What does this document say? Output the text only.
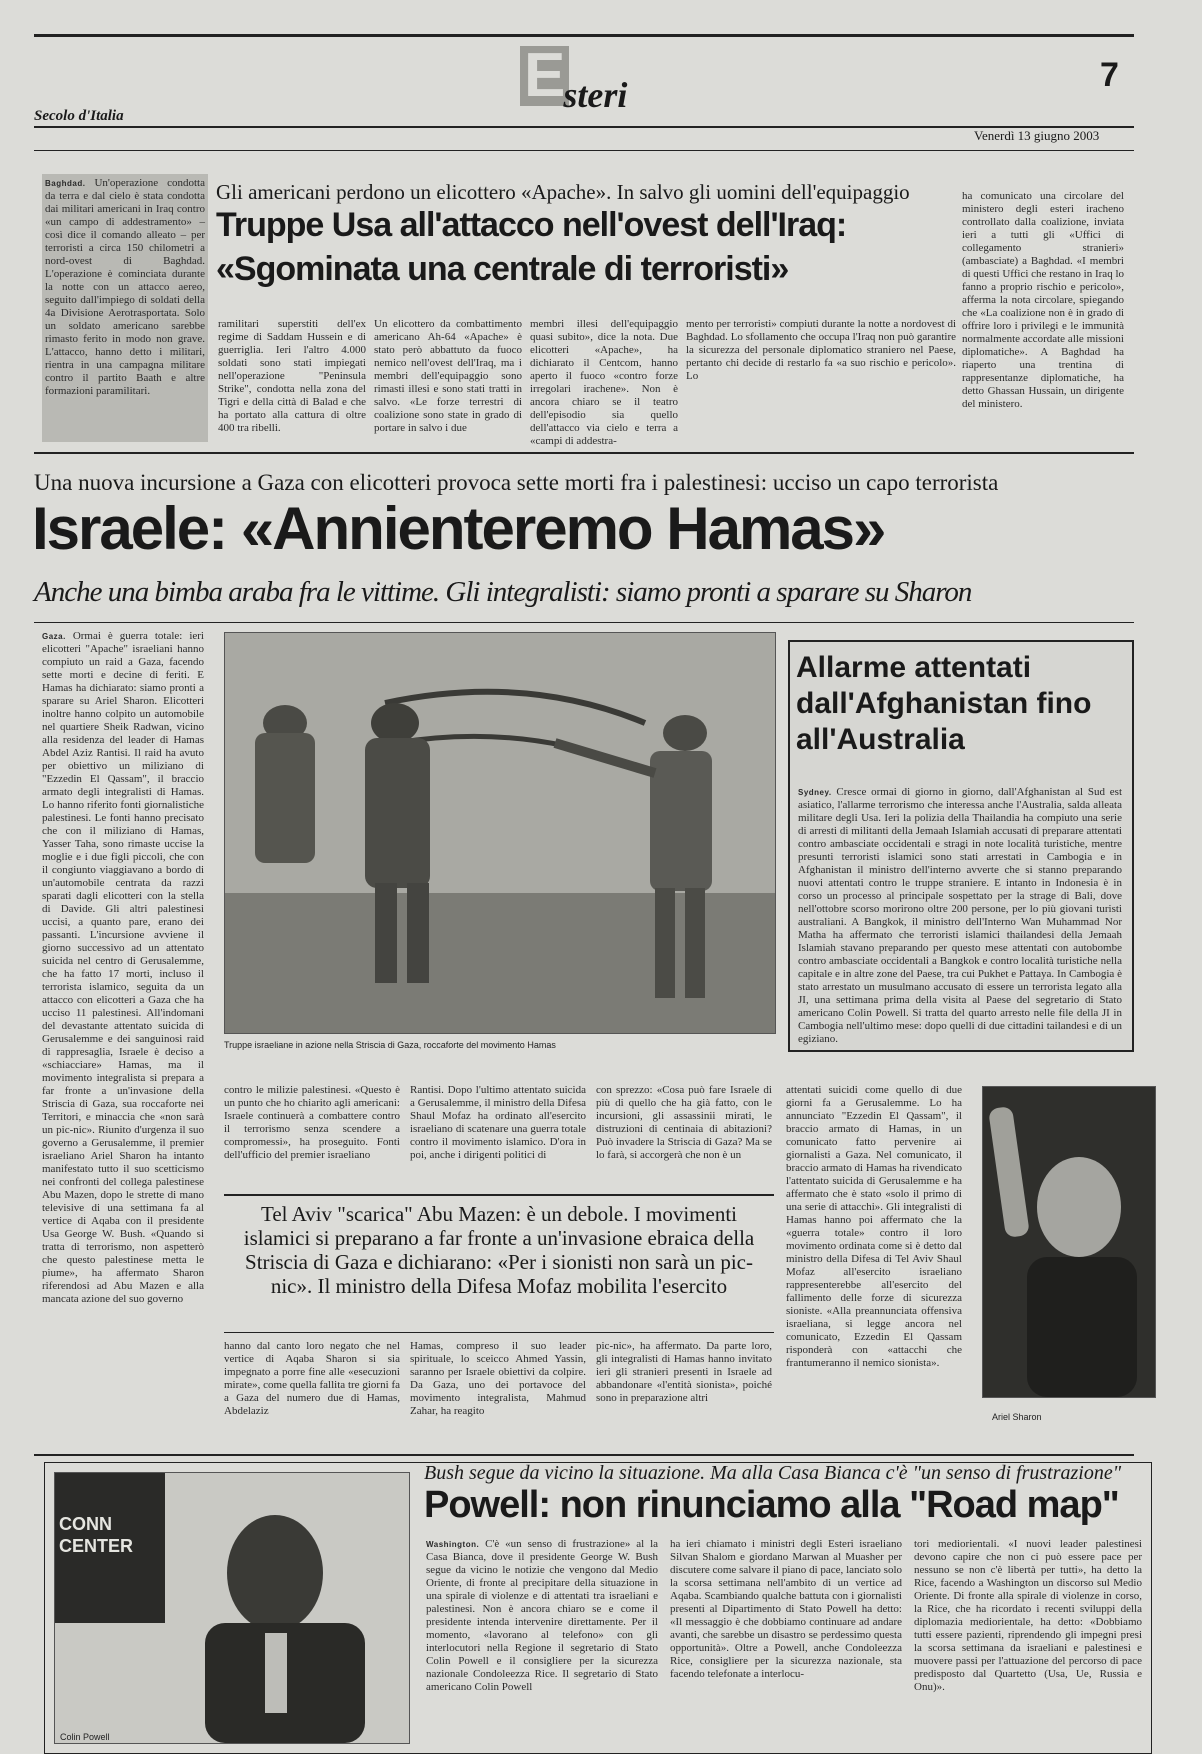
Secolo d'Italia
Esteri	7
Venerdì 13 giugno 2003
Baghdad. Un'operazione condotta da terra e dal cielo è stata condotta dai militari americani in Iraq contro «un campo di addestramento» – così dice il comando alleato – per terroristi a circa 150 chilometri a nord-ovest di Baghdad. L'operazione è cominciata durante la notte con un attacco aereo, seguito dall'impiego di soldati della 4a Divisione Aerotrasportata. Solo un soldato americano sarebbe rimasto ferito in modo non grave. L'attacco, hanno detto i militari, rientra in una campagna militare contro il partito Baath e altre formazioni paramilitari.
Gli americani perdono un elicottero «Apache». In salvo gli uomini dell'equipaggio
Truppe Usa all'attacco nell'ovest dell'Iraq:
«Sgominata una centrale di terroristi»
ramilitari superstiti dell'ex regime di Saddam Hussein e di guerriglia. Ieri l'altro 4.000 soldati sono stati impiegati nell'operazione "Peninsula Strike", condotta nella zona del Tigri e della città di Balad e che ha portato alla cattura di oltre 400 tra ribelli.
Un elicottero da combattimento americano Ah-64 «Apache» è stato però abbattuto da fuoco nemico nell'ovest dell'Iraq, ma i membri dell'equipaggio sono rimasti illesi e sono stati tratti in salvo. «Le forze terrestri di coalizione sono state in grado di portare in salvo i due
membri illesi dell'equipaggio quasi subito», dice la nota. Due elicotteri «Apache», ha dichiarato il Centcom, hanno aperto il fuoco «contro forze irregolari irachene». Non è ancora chiaro se il teatro dell'episodio sia quello dell'attacco via cielo e terra a «campi di addestra-
mento per terroristi» compiuti durante la notte a nordovest di Baghdad. Lo sfollamento che occupa l'Iraq non può garantire la sicurezza del personale diplomatico straniero nel Paese, pertanto chi decide di restarlo fa «a suo rischio e pericolo». Lo
ha comunicato una circolare del ministero degli esteri iracheno controllato dalla coalizione, inviata ieri a tutti gli «Uffici di collegamento stranieri» (ambasciate) a Baghdad. «I membri di questi Uffici che restano in Iraq lo fanno a proprio rischio e pericolo», afferma la nota circolare, spiegando che «La coalizione non è in grado di offrire loro i privilegi e le immunità normalmente accordate alle missioni diplomatiche». A Baghdad ha riaperto una trentina di rappresentanze diplomatiche, ha detto Ghassan Hussain, un dirigente del ministero.
Una nuova incursione a Gaza con elicotteri provoca sette morti fra i palestinesi: ucciso un capo terrorista
Israele: «Annienteremo Hamas»
Anche una bimba araba fra le vittime. Gli integralisti: siamo pronti a sparare su Sharon
Gaza. Ormai è guerra totale: ieri elicotteri "Apache" israeliani hanno compiuto un raid a Gaza, facendo sette morti e decine di feriti. E Hamas ha dichiarato: siamo pronti a sparare su Ariel Sharon. Elicotteri inoltre hanno colpito un automobile nel quartiere Sheik Radwan, vicino alla residenza del leader di Hamas Abdel Aziz Rantisi. Il raid ha avuto per obiettivo un miliziano di "Ezzedin El Qassam", il braccio armato degli integralisti di Hamas. Lo hanno riferito fonti giornalistiche palestinesi. Le fonti hanno precisato che con il miliziano di Hamas, Yasser Taha, sono rimaste uccise la moglie e i due figli piccoli, che con il congiunto viaggiavano a bordo di un'automobile centrata da razzi sparati dagli elicotteri con la stella di Davide. Gli altri palestinesi uccisi, a quanto pare, erano dei passanti. L'incursione avviene il giorno successivo ad un attentato suicida nel centro di Gerusalemme, che ha fatto 17 morti, incluso il terrorista islamico, seguita da un attacco con elicotteri a Gaza che ha ucciso 11 palestinesi. All'indomani del devastante attentato suicida di Gerusalemme e dei sanguinosi raid di rappresaglia, Israele è deciso a «schiacciare» Hamas, ma il movimento integralista si prepara a far fronte a un'invasione della Striscia di Gaza, sua roccaforte nei Territori, e minaccia che «non sarà un pic-nic». Riunito d'urgenza il suo governo a Gerusalemme, il premier israeliano Ariel Sharon ha intanto manifestato tutto il suo scetticismo nei confronti del collega palestinese Abu Mazen, dopo le strette di mano televisive di una settimana fa al vertice di Aqaba con il presidente Usa George W. Bush. «Quando si tratta di terrorismo, non aspetterò che questo palestinese metta le piume», ha affermato Sharon riferendosi ad Abu Mazen e alla mancata azione del suo governo
Truppe israeliane in azione nella Striscia di Gaza, roccaforte del movimento Hamas
Allarme attentati dall'Afghanistan fino all'Australia
Sydney. Cresce ormai di giorno in giorno, dall'Afghanistan al Sud est asiatico, l'allarme terrorismo che interessa anche l'Australia, salda alleata militare degli Usa. Ieri la polizia della Thailandia ha compiuto una serie di arresti di militanti della Jemaah Islamiah accusati di preparare attentati contro ambasciate occidentali e stragi in note località turistiche, mentre presunti terroristi islamici sono stati arrestati in Cambogia e in Afghanistan il ministro dell'interno avverte che si stanno preparando nuovi attentati contro le truppe straniere. E intanto in Indonesia è in corso un processo al principale sospettato per la strage di Bali, dove nell'ottobre scorso morirono oltre 200 persone, per lo più giovani turisti australiani. A Bangkok, il ministro dell'Interno Wan Muhammad Nor Matha ha affermato che terroristi islamici thailandesi della Jemaah Islamiah stavano preparando per questo mese attentati con autobombe contro ambasciate occidentali a Bangkok e contro località turistiche nella capitale e in altre zone del Paese, tra cui Pukhet e Pattaya. In Cambogia è stato arrestato un musulmano accusato di essere un terrorista legato alla JI, una settimana prima della visita al Paese del segretario di Stato americano Colin Powell. Si tratta del quarto arresto nelle file della JI in Cambogia nell'ultimo mese: dopo quelli di due cittadini tailandesi e di un egiziano.
contro le milizie palestinesi. «Questo è un punto che ho chiarito agli americani: Israele continuerà a combattere contro il terrorismo senza scendere a compromessi», ha proseguito. Fonti dell'ufficio del premier israeliano
Rantisi. Dopo l'ultimo attentato suicida a Gerusalemme, il ministro della Difesa Shaul Mofaz ha ordinato all'esercito israeliano di scatenare una guerra totale contro il movimento islamico. D'ora in poi, anche i dirigenti politici di
con sprezzo: «Cosa può fare Israele di più di quello che ha già fatto, con le incursioni, gli assassinii mirati, le distruzioni di centinaia di abitazioni? Può invadere la Striscia di Gaza? Ma se lo farà, si accorgerà che non è un
attentati suicidi come quello di due giorni fa a Gerusalemme. Lo ha annunciato "Ezzedin El Qassam", il braccio armato di Hamas, in un comunicato fatto pervenire ai giornalisti a Gaza. Nel comunicato, il braccio armato di Hamas ha rivendicato l'attentato suicida di Gerusalemme e ha affermato che è stato «solo il primo di una serie di attacchi». Gli integralisti di Hamas hanno poi affermato che la «guerra totale» contro il loro movimento ordinata come si è detto dal ministro della Difesa di Tel Aviv Shaul Mofaz all'esercito israeliano rappresenterebbe all'esercito del fallimento delle forze di sicurezza sioniste. «Alla preannunciata offensiva israeliana, si legge ancora nel comunicato, Ezzedin El Qassam risponderà con «attacchi che frantumeranno il nemico sionista».
Tel Aviv "scarica" Abu Mazen: è un debole. I movimenti islamici si preparano a far fronte a un'invasione ebraica della Striscia di Gaza e dichiarano: «Per i sionisti non sarà un pic-nic». Il ministro della Difesa Mofaz mobilita l'esercito
hanno dal canto loro negato che nel vertice di Aqaba Sharon si sia impegnato a porre fine alle «esecuzioni mirate», come quella fallita tre giorni fa a Gaza del numero due di Hamas, Abdelaziz
Hamas, compreso il suo leader spirituale, lo sceicco Ahmed Yassin, saranno per Israele obiettivi da colpire. Da Gaza, uno dei portavoce del movimento integralista, Mahmud Zahar, ha reagito
pic-nic», ha affermato. Da parte loro, gli integralisti di Hamas hanno invitato ieri gli stranieri presenti in Israele ad abbandonare «l'entità sionista», poiché sono in preparazione altri
Ariel Sharon
CONN CENTER
Colin Powell
Bush segue da vicino la situazione. Ma alla Casa Bianca c'è "un senso di frustrazione"
Powell: non rinunciamo alla "Road map"
Washington. C'è «un senso di frustrazione» al la Casa Bianca, dove il presidente George W. Bush segue da vicino le notizie che vengono dal Medio Oriente, di fronte al precipitare della situazione in una spirale di violenze e di attentati tra israeliani e palestinesi. Non è ancora chiaro se e come il presidente intenda intervenire direttamente. Per il momento, «lavorano al telefono» con gli interlocutori nella Regione il segretario di Stato Colin Powell e il consigliere per la sicurezza nazionale Condoleezza Rice. Il segretario di Stato americano Colin Powell
ha ieri chiamato i ministri degli Esteri israeliano Silvan Shalom e giordano Marwan al Muasher per discutere come salvare il piano di pace, lanciato solo la scorsa settimana nell'ambito di un vertice ad Aqaba. Scambiando qualche battuta con i giornalisti presenti al Dipartimento di Stato Powell ha detto: «Il messaggio è che dobbiamo continuare ad andare avanti, che sarebbe un disastro se perdessimo questa opportunità». Oltre a Powell, anche Condoleezza Rice, consigliere per la sicurezza nazionale, sta facendo telefonate a interlocu-
tori mediorientali. «I nuovi leader palestinesi devono capire che non ci può essere pace per nessuno se non c'è libertà per tutti», ha detto la Rice, facendo a Washington un discorso sul Medio Oriente. Di fronte alla spirale di violenze in corso, la Rice, che ha ricordato i recenti sviluppi della diplomazia mediorientale, ha detto: «Dobbiamo tutti essere pazienti, riprendendo gli impegni presi la scorsa settimana da israeliani e palestinesi e muovere passi per l'attuazione del percorso di pace predisposto dal Quartetto (Usa, Ue, Russia e Onu)».
